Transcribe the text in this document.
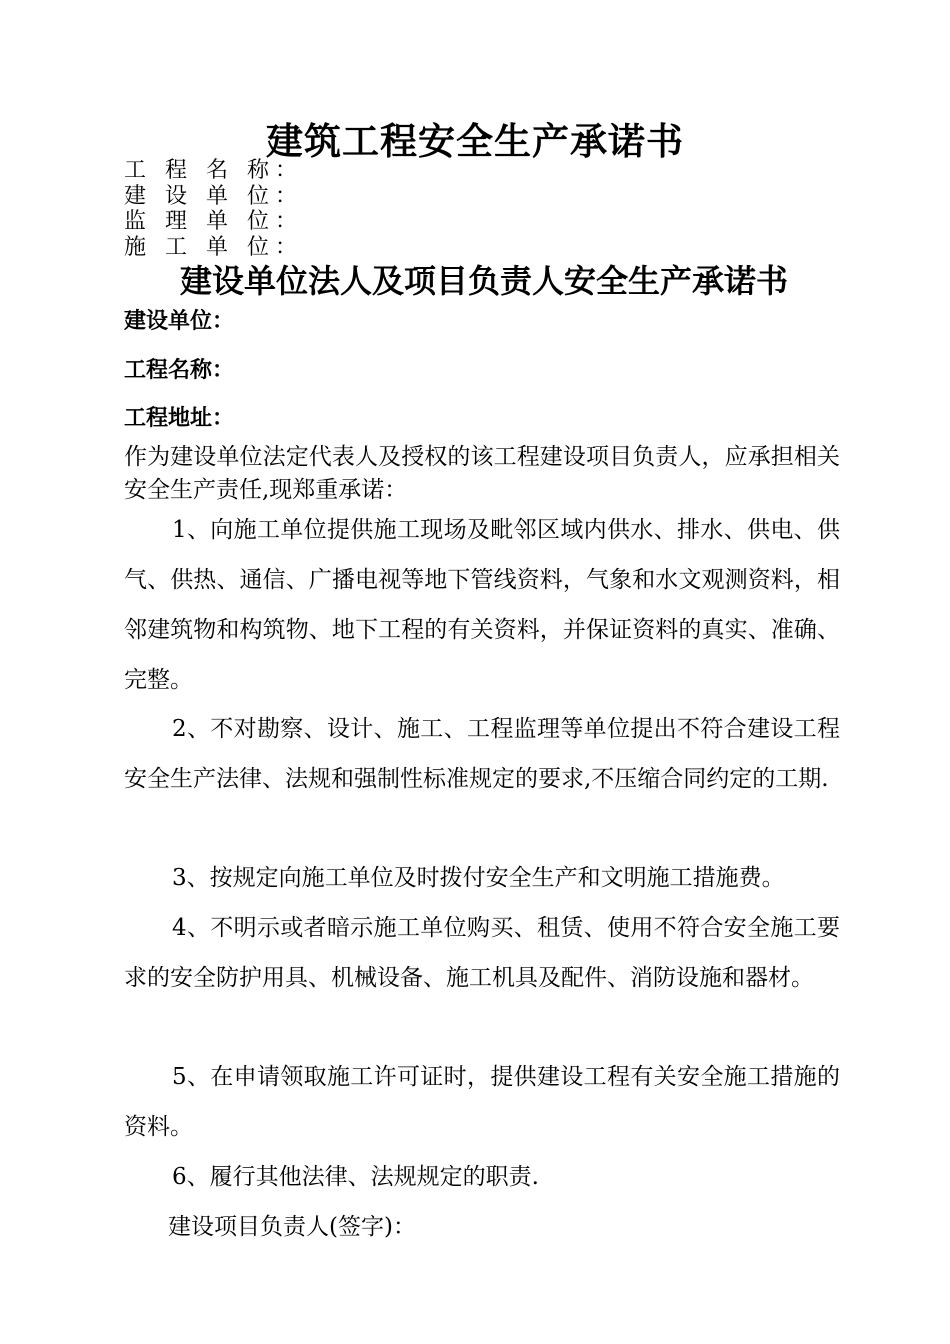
建筑工程安全生产承诺书
工 程 名 称：
建 设 单 位：
监 理 单 位：
施 工 单 位：
建设单位法人及项目负责人安全生产承诺书
建设单位：
工程名称：
工程地址：
作为建设单位法定代表人及授权的该工程建设项目负责人，应承担相关安全生产责任,现郑重承诺：
1、向施工单位提供施工现场及毗邻区域内供水、排水、供电、供气、供热、通信、广播电视等地下管线资料，气象和水文观测资料，相邻建筑物和构筑物、地下工程的有关资料，并保证资料的真实、准确、完整。
2、不对勘察、设计、施工、工程监理等单位提出不符合建设工程安全生产法律、法规和强制性标准规定的要求,不压缩合同约定的工期.
3、按规定向施工单位及时拨付安全生产和文明施工措施费。
4、不明示或者暗示施工单位购买、租赁、使用不符合安全施工要求的安全防护用具、机械设备、施工机具及配件、消防设施和器材。
5、在申请领取施工许可证时，提供建设工程有关安全施工措施的资料。
6、履行其他法律、法规规定的职责.
建设项目负责人(签字)：
